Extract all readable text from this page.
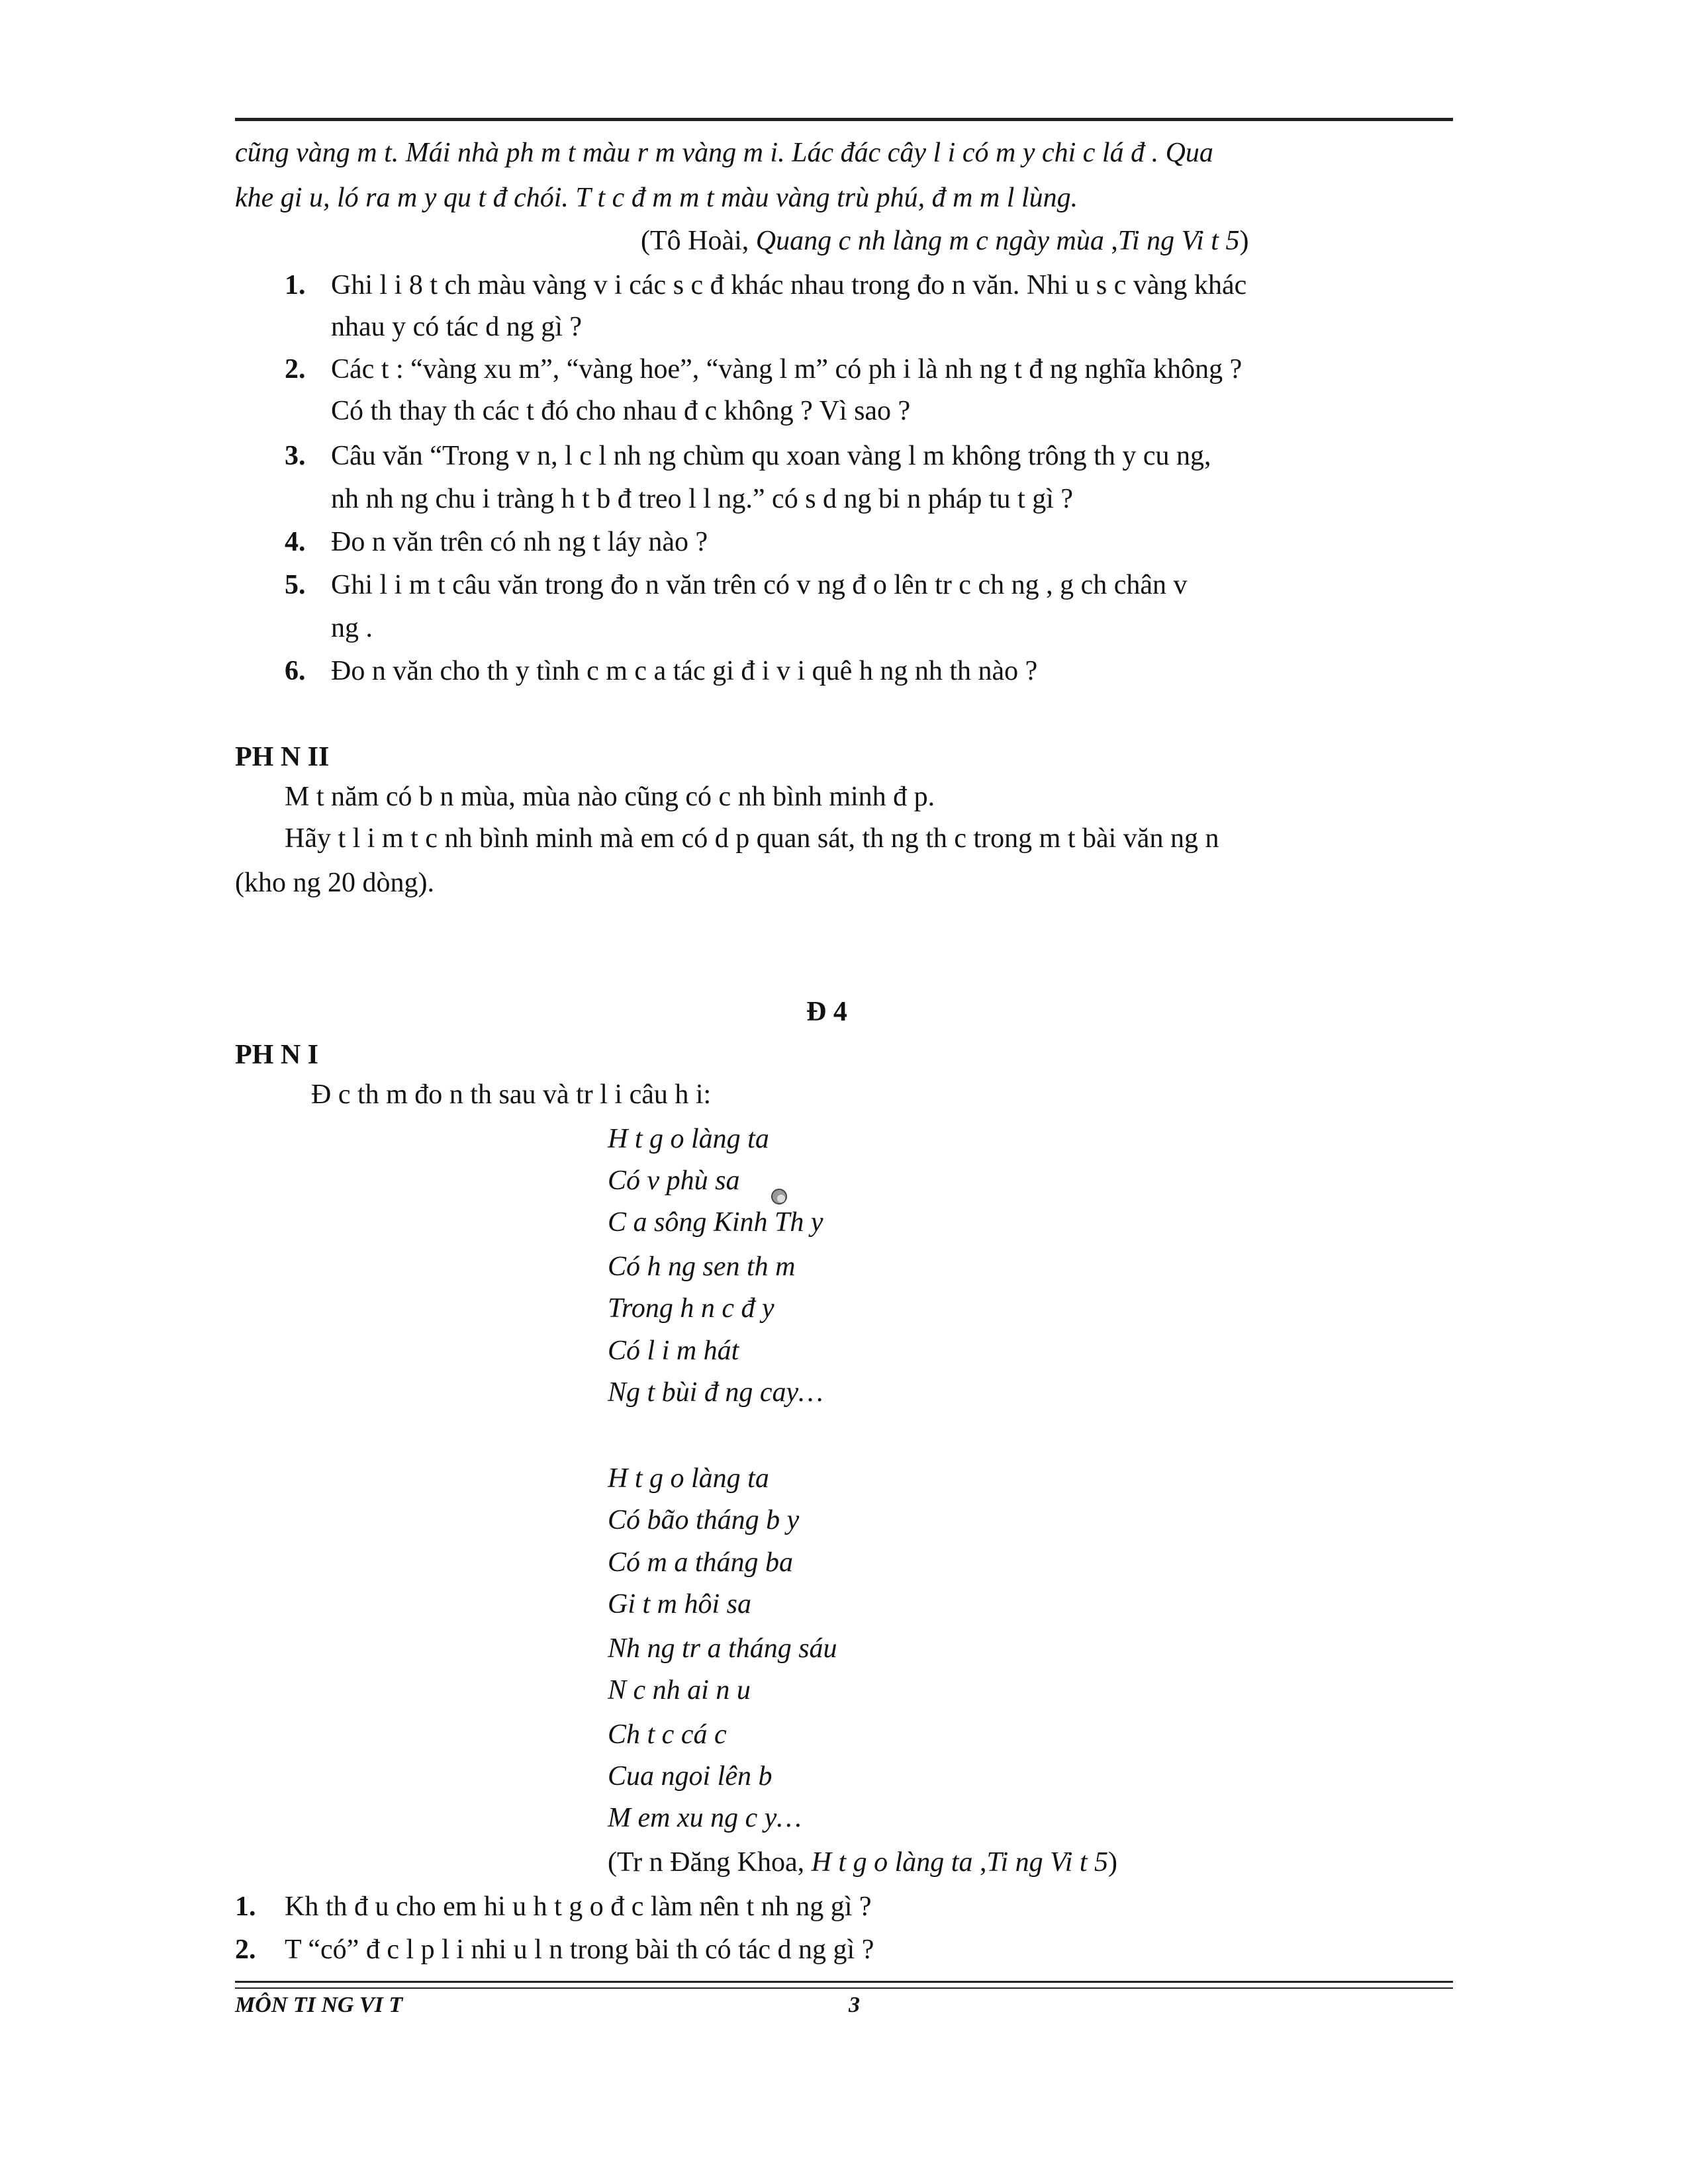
cũng vàng m t. Mái nhà ph m t màu r m vàng m i. Lác đác cây l i có m y chi c lá đ . Qua
khe gi u, ló ra m y qu t đ chói. T t c đ m m t màu vàng trù phú, đ m m l lùng.
(Tô Hoài, Quang c nh làng m c ngày mùa ,Ti ng Vi t 5)
1. Ghi l i 8 t ch màu vàng v i các s c đ khác nhau trong đo n văn. Nhi u s c vàng khác
nhau y có tác d ng gì ?
2. Các t : “vàng xu m”, “vàng hoe”, “vàng l m” có ph i là nh ng t đ ng nghĩa không ?
Có th thay th các t đó cho nhau đ c không ? Vì sao ?
3. Câu văn “Trong v n, l c l nh ng chùm qu xoan vàng l m không trông th y cu ng,
nh nh ng chu i tràng h t b đ treo l l ng.” có s d ng bi n pháp tu t gì ?
4. Đo n văn trên có nh ng t láy nào ?
5. Ghi l i m t câu văn trong đo n văn trên có v ng đ o lên tr c ch ng , g ch chân v
ng .
6. Đo n văn cho th y tình c m c a tác gi đ i v i quê h ng nh th nào ?
PH N II
M t năm có b n mùa, mùa nào cũng có c nh bình minh đ p.
Hãy t l i m t c nh bình minh mà em có d p quan sát, th ng th c trong m t bài văn ng n
(kho ng 20 dòng).
Đ 4
PH N I
Đ c th m đo n th sau và tr l i câu h i:
H t g o làng ta
Có v phù sa
C a sông Kinh Th y
Có h ng sen th m
Trong h n c đ y
Có l i m hát
Ng t bùi đ ng cay…
H t g o làng ta
Có bão tháng b y
Có m a tháng ba
Gi t m hôi sa
Nh ng tr a tháng sáu
N c nh ai n u
Ch t c cá c
Cua ngoi lên b
M em xu ng c y…
(Tr n Đăng Khoa, H t g o làng ta ,Ti ng Vi t 5)
1. Kh th đ u cho em hi u h t g o đ c làm nên t nh ng gì ?
2. T “có” đ c l p l i nhi u l n trong bài th có tác d ng gì ?
MÔN TI NG VI T	3
